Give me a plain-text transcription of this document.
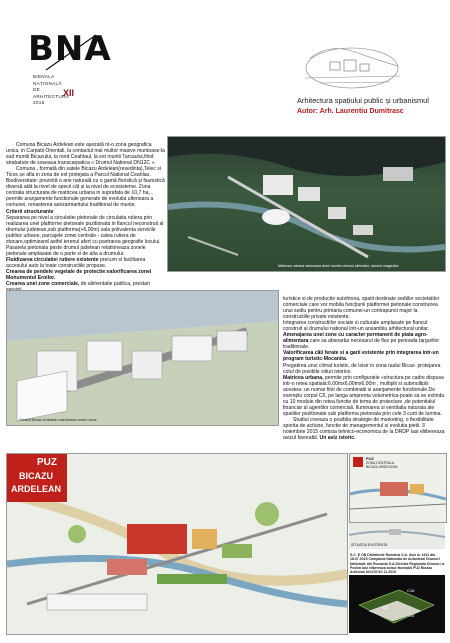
BNA
BIENALA
NAȚIONALĂ
DE
ARHITECTURĂ
2016
XII
Arhitectura spațiului public și urbanismul
Autor: Arh. Laurentiu Dumitrasc

Comuna Bicazu Ardelean este așezată nt-o zona geografica unica, in Carpatii Orientali, la contactul mai multor masive muntoase:la sud muntii Bicazului, la nord Ceahlaul, la est muntii Tarcaului,fiind strabatute de soseaua transcarpatica « Drumul National DN12C ».

Comuna , formată din satele Bicazu Ardelean(resedinta),Telec si Ticos se afla in zona de ext protejata a Parcul National Ceahlau. Biodiversitate: prezintă o arie naturală cu o gamă floristică și faunistică diversă atât la nivel de specii cât și la nivel de ecosisteme. Zona centrala structurata de matricea urbana in suprafata de 10,7 ha, , permite aranjamente functionale generate de evolutia ulterioara a comunei, renasterea asezarmantului traditional de munte.

Criterii structurante

Separarea pe nivel a circulatiei pietonale de circulatia rutiera prin realizarea unei platforme pietonale pozitionata in flancul neconstruit al drumului judetean,sub platforma(+6,00m) sala polivalenta servicile publice urbane, parcajele zonei centrale - calea rutiera de stocare,optimizand astfel terenul afert cu pastrarea geografie locului. Pasarela pietonala peste drumul judetean relationeaza zonele pietonale amplasate de o parte si de alta a drumului.

Fluidizarea circulatiei rutiere existente precum si facilitarea accesului auto la toate constructiile propuse.

Crearea de pendele vegetale de protectie:valorificarea zonei Monumentul Eroilor.

Crearea unei zone comerciale, de alimentatie publica, prestari

Matricea urbana ortonoasa dorul muntin drumul pietonilor, drumul magazilor
Centrul Bicazu Ardelean marcheaza centru vivus

turistice si de productie autohtona, spatii destinate sediilor societatilor comerciale care vor mobila funcțiunii platformei pietonale;construirea unui sediu pentru primaria comunei-un contrapunct major la constructiile private existente.

Integrarea constructiilor sociale si culturale amplasate pe flancul construit al drumului national intr-un ansamblu arhitectural unitar.

Amenajarea unei zone cu caracter permanent de piata agro-alimentara care sa absoarba necesarul de flux pe perioada targurilor traditionale.

Valorificarea căii ferate si a garii existente prin integrarea intr-un program turistic-Mocanita.

Pregatirea unui climat turistic, de loisir in zona raului Bicaz- protejarea cotul de posibile viituri istorice.

Matricea urbana, permite prin configuratie «structura pe cadre dispusa intr-o retea spatiala:6,00mx6,00mx6,00m , multiplii si submultiplii acestea- un numar finit de combinatii si aranjamente functionale.De exemplu corpul C6, pe langa amprenta volumetrica-poate sa se extinda cu 10 module din retea functie de tema de proiectare ,de potentialul financiar al agentilor comerciali. Iluminarea si ventilatia naturala ale spatiilor pozitionate sub platforma pietonala prin cele 3 curti de lumina.

Studiul creeaza o posibila strategie de marketing, o flexibilitate sporita de actiune, functie de managementul si evolutia pietii. 3 noiembrie 2015 comisia tehnico-economica de la DRDP Iasi eliibereaza avizul favorabil. Un aviz istoric.

PUZ
ZONA CENTRALA
BICAZU ARDELEAN
PUZ
BICAZU
ARDELEAN
SITUATIA EXISTENTA
S.C. E ON Distributie Romania S.A. Aviz nr 1911 din 18.07.2015 Compania Nationala de Autostrazi Drumuri Nationale din Romania S.A.Directia Regionala Drumuri si Poduri Iasi elibereaza avizul favorabil PUZ Bicazu Ardelean Nr1237/10.11.2015
C18
C8
C4
